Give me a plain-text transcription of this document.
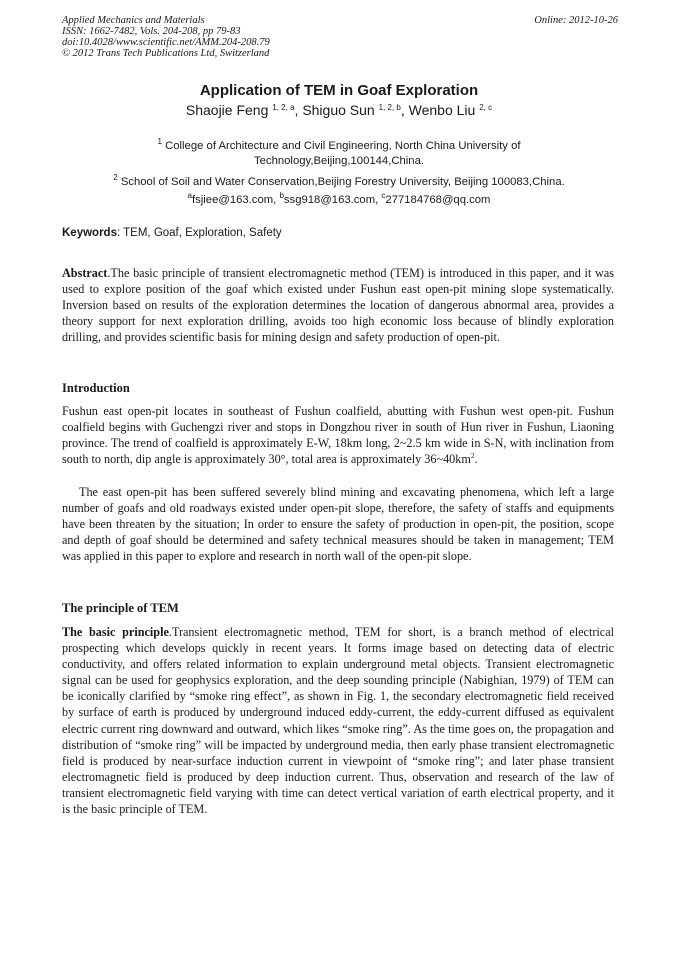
Applied Mechanics and Materials
ISSN: 1662-7482, Vols. 204-208, pp 79-83
doi:10.4028/www.scientific.net/AMM.204-208.79
© 2012 Trans Tech Publications Ltd, Switzerland
Online: 2012-10-26
Application of TEM in Goaf Exploration
Shaojie Feng $^{1, 2, a}$, Shiguo Sun $^{1, 2, b}$, Wenbo Liu $^{2, c}$
$^1$ College of Architecture and Civil Engineering, North China University of Technology,Beijing,100144,China.
$^2$ School of Soil and Water Conservation,Beijing Forestry University, Beijing 100083,China.
$^a$fsjiee@163.com, $^b$ssg918@163.com, $^c$277184768@qq.com
Keywords: TEM, Goaf, Exploration, Safety
Abstract.The basic principle of transient electromagnetic method (TEM) is introduced in this paper, and it was used to explore position of the goaf which existed under Fushun east open-pit mining slope systematically. Inversion based on results of the exploration determines the location of dangerous abnormal area, provides a theory support for next exploration drilling, avoids too high economic loss because of blindly exploration drilling, and provides scientific basis for mining design and safety production of open-pit.
Introduction
Fushun east open-pit locates in southeast of Fushun coalfield, abutting with Fushun west open-pit. Fushun coalfield begins with Guchengzi river and stops in Dongzhou river in south of Hun river in Fushun, Liaoning province. The trend of coalfield is approximately E-W, 18km long, 2~2.5 km wide in S-N, with inclination from south to north, dip angle is approximately 30°, total area is approximately $36\sim 40km^2$.
The east open-pit has been suffered severely blind mining and excavating phenomena, which left a large number of goafs and old roadways existed under open-pit slope, therefore, the safety of staffs and equipments have been threaten by the situation; In order to ensure the safety of production in open-pit, the position, scope and depth of goaf should be determined and safety technical measures should be taken in management; TEM was applied in this paper to explore and research in north wall of the open-pit slope.
The principle of TEM
The basic principle.Transient electromagnetic method, TEM for short, is a branch method of electrical prospecting which develops quickly in recent years. It forms image based on detecting data of electric conductivity, and offers related information to explain underground metal objects. Transient electromagnetic signal can be used for geophysics exploration, and the deep sounding principle (Nabighian, 1979) of TEM can be iconically clarified by “smoke ring effect”, as shown in Fig. 1, the secondary electromagnetic field received by surface of earth is produced by underground induced eddy-current, the eddy-current diffused as equivalent electric current ring downward and outward, which likes “smoke ring”. As the time goes on, the propagation and distribution of “smoke ring” will be impacted by underground media, then early phase transient electromagnetic field is produced by near-surface induction current in viewpoint of “smoke ring”; and later phase transient electromagnetic field is produced by deep induction current. Thus, observation and research of the law of transient electromagnetic field varying with time can detect vertical variation of earth electrical property, and it is the basic principle of TEM.
